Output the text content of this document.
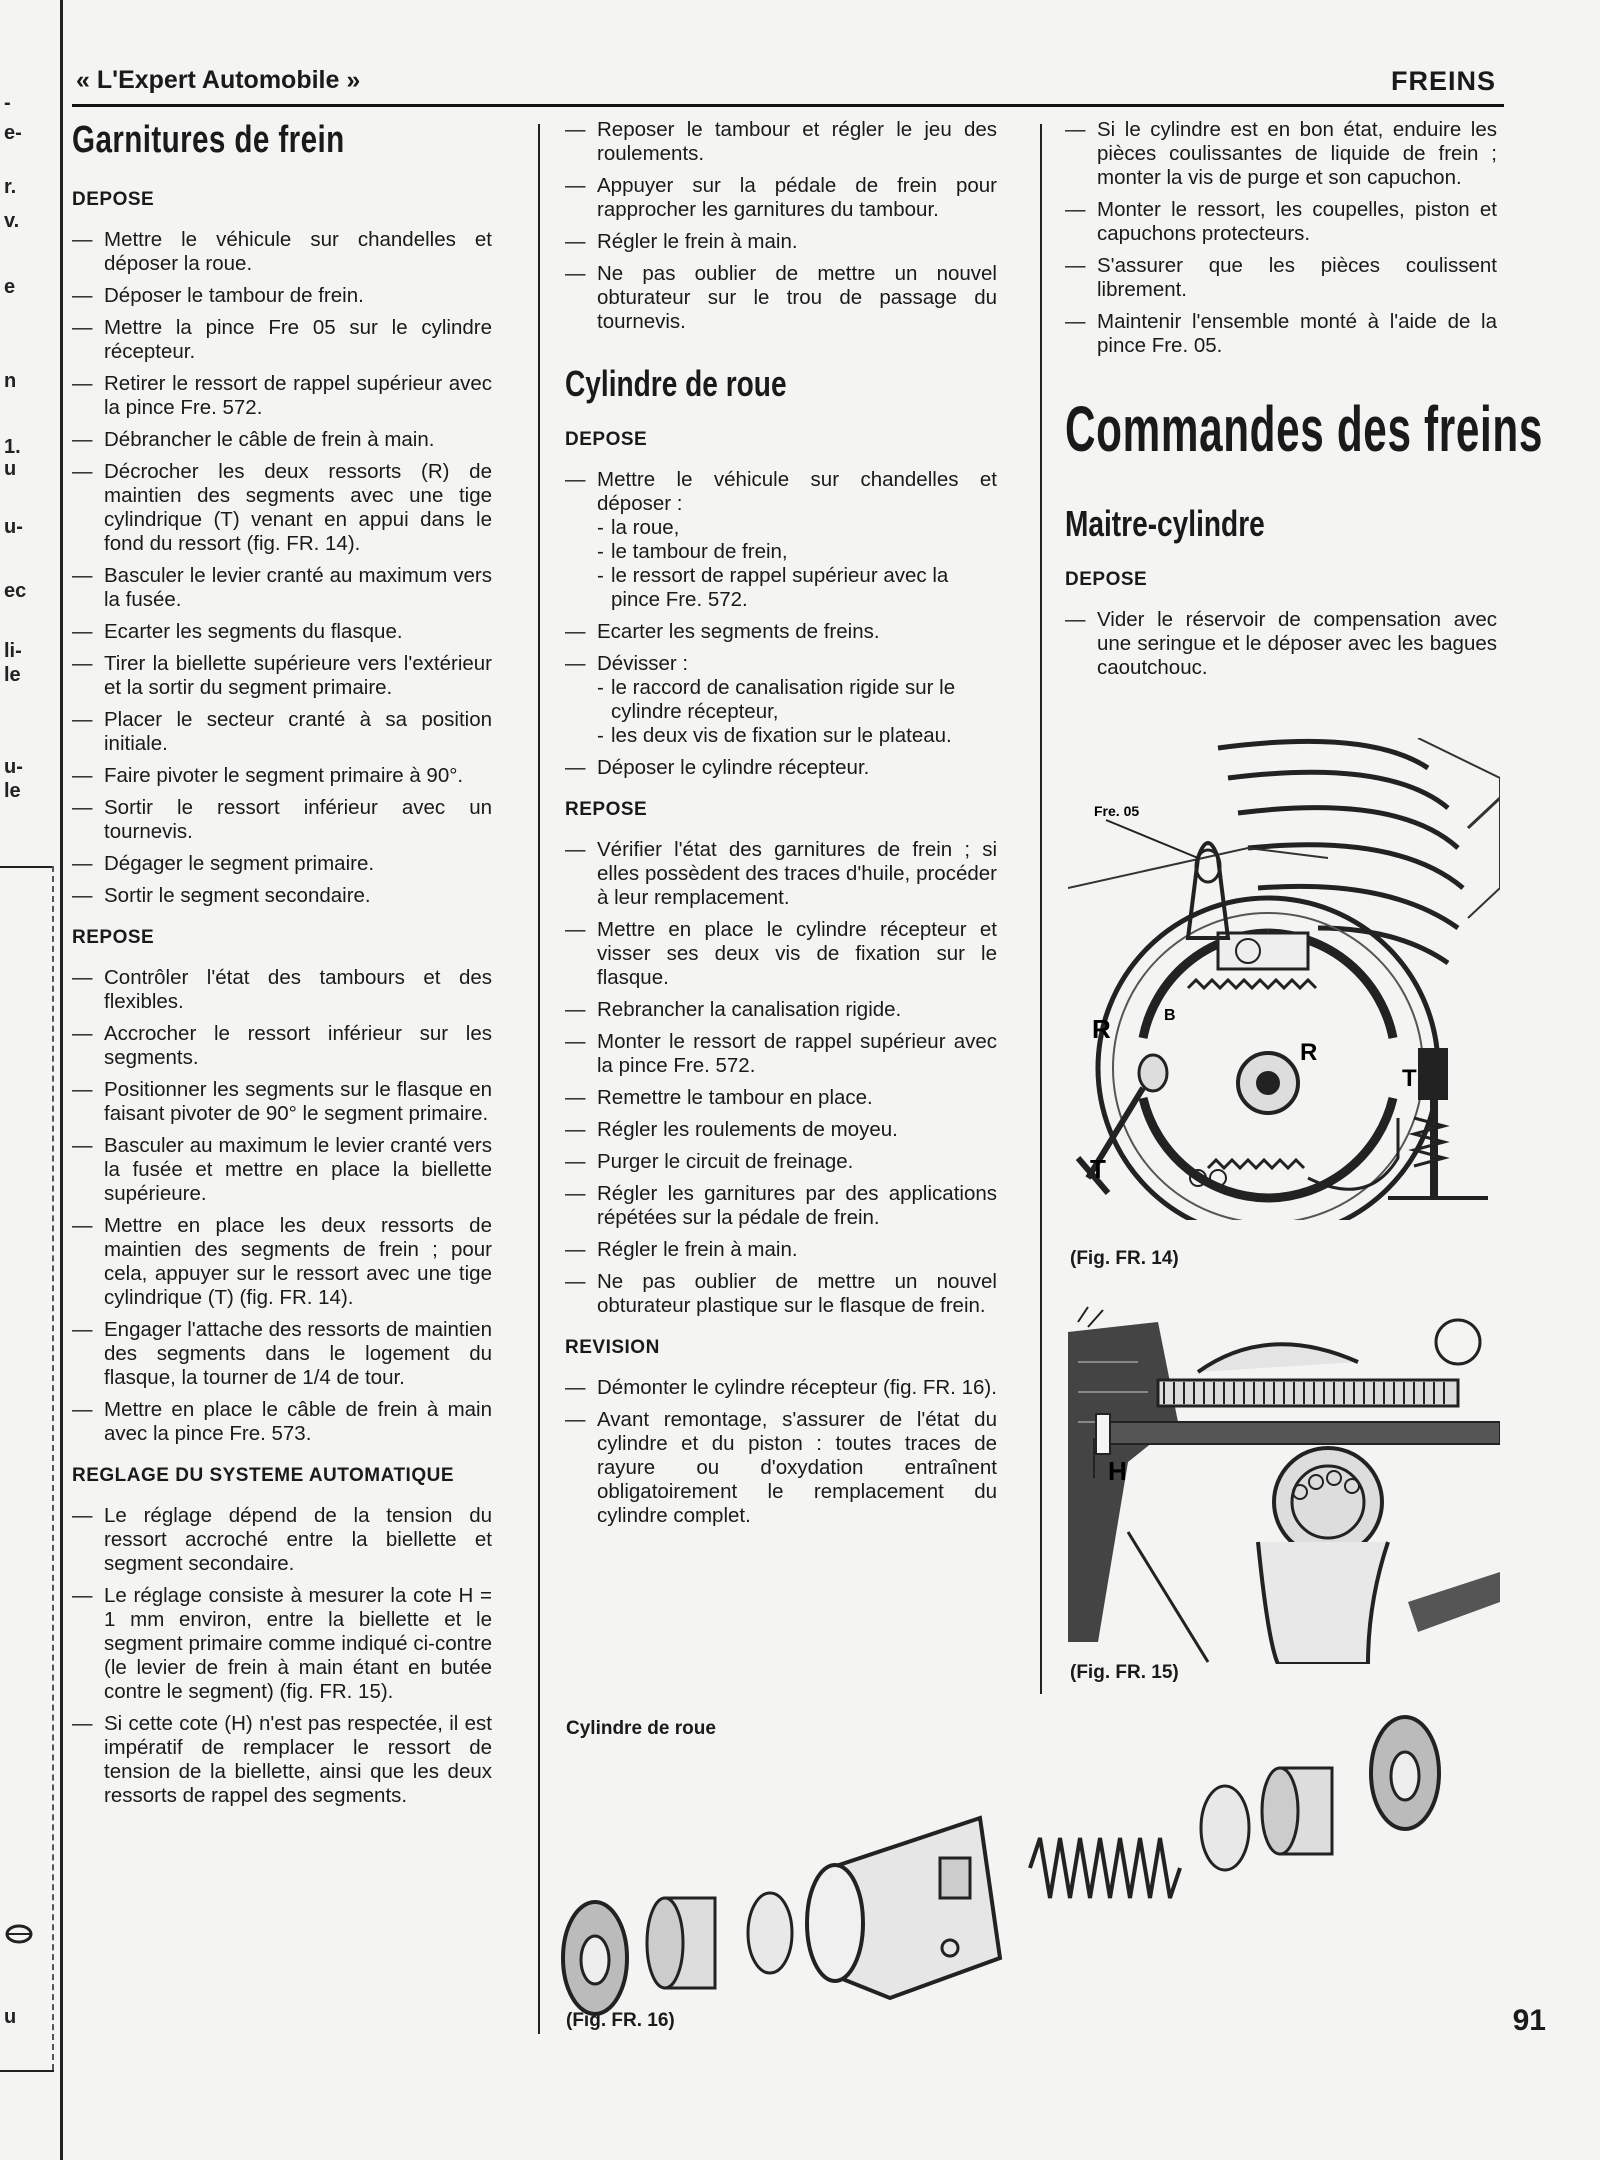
-
e-
r.
v.
e
n
1.
u
u-
ec
li-
le
u-
le
u
« L'Expert Automobile »	FREINS
Garnitures de frein
DEPOSE
— Mettre le véhicule sur chandelles et déposer la roue.
— Déposer le tambour de frein.
— Mettre la pince Fre 05 sur le cylindre récepteur.
— Retirer le ressort de rappel supérieur avec la pince Fre. 572.
— Débrancher le câble de frein à main.
— Décrocher les deux ressorts (R) de maintien des segments avec une tige cylindrique (T) venant en appui dans le fond du ressort (fig. FR. 14).
— Basculer le levier cranté au maximum vers la fusée.
— Ecarter les segments du flasque.
— Tirer la biellette supérieure vers l'extérieur et la sortir du segment primaire.
— Placer le secteur cranté à sa position initiale.
— Faire pivoter le segment primaire à 90°.
— Sortir le ressort inférieur avec un tournevis.
— Dégager le segment primaire.
— Sortir le segment secondaire.
REPOSE
— Contrôler l'état des tambours et des flexibles.
— Accrocher le ressort inférieur sur les segments.
— Positionner les segments sur le flasque en faisant pivoter de 90° le segment primaire.
— Basculer au maximum le levier cranté vers la fusée et mettre en place la biellette supérieure.
— Mettre en place les deux ressorts de maintien des segments de frein ; pour cela, appuyer sur le ressort avec une tige cylindrique (T) (fig. FR. 14).
— Engager l'attache des ressorts de maintien des segments dans le logement du flasque, la tourner de 1/4 de tour.
— Mettre en place le câble de frein à main avec la pince Fre. 573.
REGLAGE DU SYSTEME AUTOMATIQUE
— Le réglage dépend de la tension du ressort accroché entre la biellette et segment secondaire.
— Le réglage consiste à mesurer la cote H = 1 mm environ, entre la biellette et le segment primaire comme indiqué ci-contre (le levier de frein à main étant en butée contre le segment) (fig. FR. 15).
— Si cette cote (H) n'est pas respectée, il est impératif de remplacer le ressort de tension de la biellette, ainsi que les deux ressorts de rappel des segments.
— Reposer le tambour et régler le jeu des roulements.
— Appuyer sur la pédale de frein pour rapprocher les garnitures du tambour.
— Régler le frein à main.
— Ne pas oublier de mettre un nouvel obturateur sur le trou de passage du tournevis.
Cylindre de roue
DEPOSE
— Mettre le véhicule sur chandelles et déposer :
- la roue,
- le tambour de frein,
- le ressort de rappel supérieur avec la pince Fre. 572.
— Ecarter les segments de freins.
— Dévisser :
- le raccord de canalisation rigide sur le cylindre récepteur,
- les deux vis de fixation sur le plateau.
— Déposer le cylindre récepteur.
REPOSE
— Vérifier l'état des garnitures de frein ; si elles possèdent des traces d'huile, procéder à leur remplacement.
— Mettre en place le cylindre récepteur et visser ses deux vis de fixation sur le flasque.
— Rebrancher la canalisation rigide.
— Monter le ressort de rappel supérieur avec la pince Fre. 572.
— Remettre le tambour en place.
— Régler les roulements de moyeu.
— Purger le circuit de freinage.
— Régler les garnitures par des applications répétées sur la pédale de frein.
— Régler le frein à main.
— Ne pas oublier de mettre un nouvel obturateur plastique sur le flasque de frein.
REVISION
— Démonter le cylindre récepteur (fig. FR. 16).
— Avant remontage, s'assurer de l'état du cylindre et du piston : toutes traces de rayure ou d'oxydation entraînent obligatoirement le remplacement du cylindre complet.
— Si le cylindre est en bon état, enduire les pièces coulissantes de liquide de frein ; monter la vis de purge et son capuchon.
— Monter le ressort, les coupelles, piston et capuchons protecteurs.
— S'assurer que les pièces coulissent librement.
— Maintenir l'ensemble monté à l'aide de la pince Fre. 05.
Commandes des freins
Maitre-cylindre
DEPOSE
— Vider le réservoir de compensation avec une seringue et le déposer avec les bagues caoutchouc.
Fre. 05
R
R
B
T
T
(Fig. FR. 14)
H
(Fig. FR. 15)
Cylindre de roue
(Fig. FR. 16)	91
